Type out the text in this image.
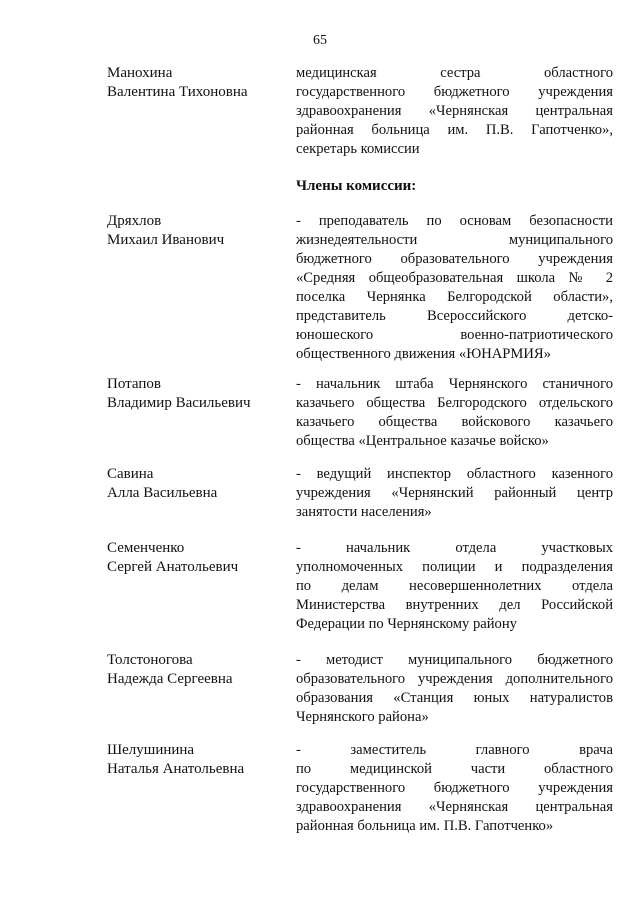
65
Манохина
Валентина Тихоновна
медицинская сестра областного
государственного бюджетного учреждения
здравоохранения «Чернянская центральная
районная больница им. П.В. Гапотченко»,
секретарь комиссии
Члены комиссии:
Дряхлов
Михаил Иванович
- преподаватель по основам безопасности
жизнедеятельности муниципального
бюджетного образовательного учреждения
«Средняя общеобразовательная школа № 2
поселка Чернянка Белгородской области»,
представитель Всероссийского детско-
юношеского военно-патриотического
общественного движения «ЮНАРМИЯ»
Потапов
Владимир Васильевич
- начальник штаба Чернянского станичного
казачьего общества Белгородского отдельского
казачьего общества войскового казачьего
общества «Центральное казачье войско»
Савина
Алла Васильевна
- ведущий инспектор областного казенного
учреждения «Чернянский районный центр
занятости населения»
Семенченко
Сергей Анатольевич
- начальник отдела участковых
уполномоченных полиции и подразделения
по делам несовершеннолетних отдела
Министерства внутренних дел Российской
Федерации по Чернянскому району
Толстоногова
Надежда Сергеевна
- методист муниципального бюджетного
образовательного учреждения дополнительного
образования «Станция юных натуралистов
Чернянского района»
Шелушинина
Наталья Анатольевна
- заместитель главного врача
по медицинской части областного
государственного бюджетного учреждения
здравоохранения «Чернянская центральная
районная больница им. П.В. Гапотченко»
